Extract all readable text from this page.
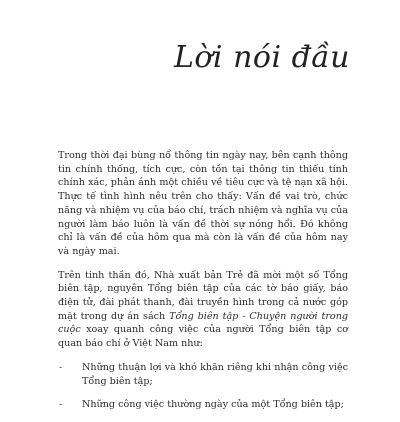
Lời nói đầu

Trong thời đại bùng nổ thông tin ngày nay, bên cạnh thông tin chính thống, tích cực, còn tồn tại thông tin thiếu tính chính xác, phản ánh một chiều về tiêu cực và tệ nạn xã hội. Thực tế tình hình nêu trên cho thấy: Vấn đề vai trò, chức năng và nhiệm vụ của báo chí, trách nhiệm và nghĩa vụ của người làm báo luôn là vấn đề thời sự nóng hổi. Đó không chỉ là vấn đề của hôm qua mà còn là vấn đề của hôm nay và ngày mai.

Trên tinh thần đó, Nhà xuất bản Trẻ đã mời một số Tổng biên tập, nguyên Tổng biên tập của các tờ báo giấy, báo điện tử, đài phát thanh, đài truyền hình trong cả nước góp mặt trong dự án sách Tổng biên tập - Chuyện người trong cuộc xoay quanh công việc của người Tổng biên tập cơ quan báo chí ở Việt Nam như:

- Những thuận lợi và khó khăn riêng khi nhận công việc Tổng biên tập;
- Những công việc thường ngày của một Tổng biên tập;
